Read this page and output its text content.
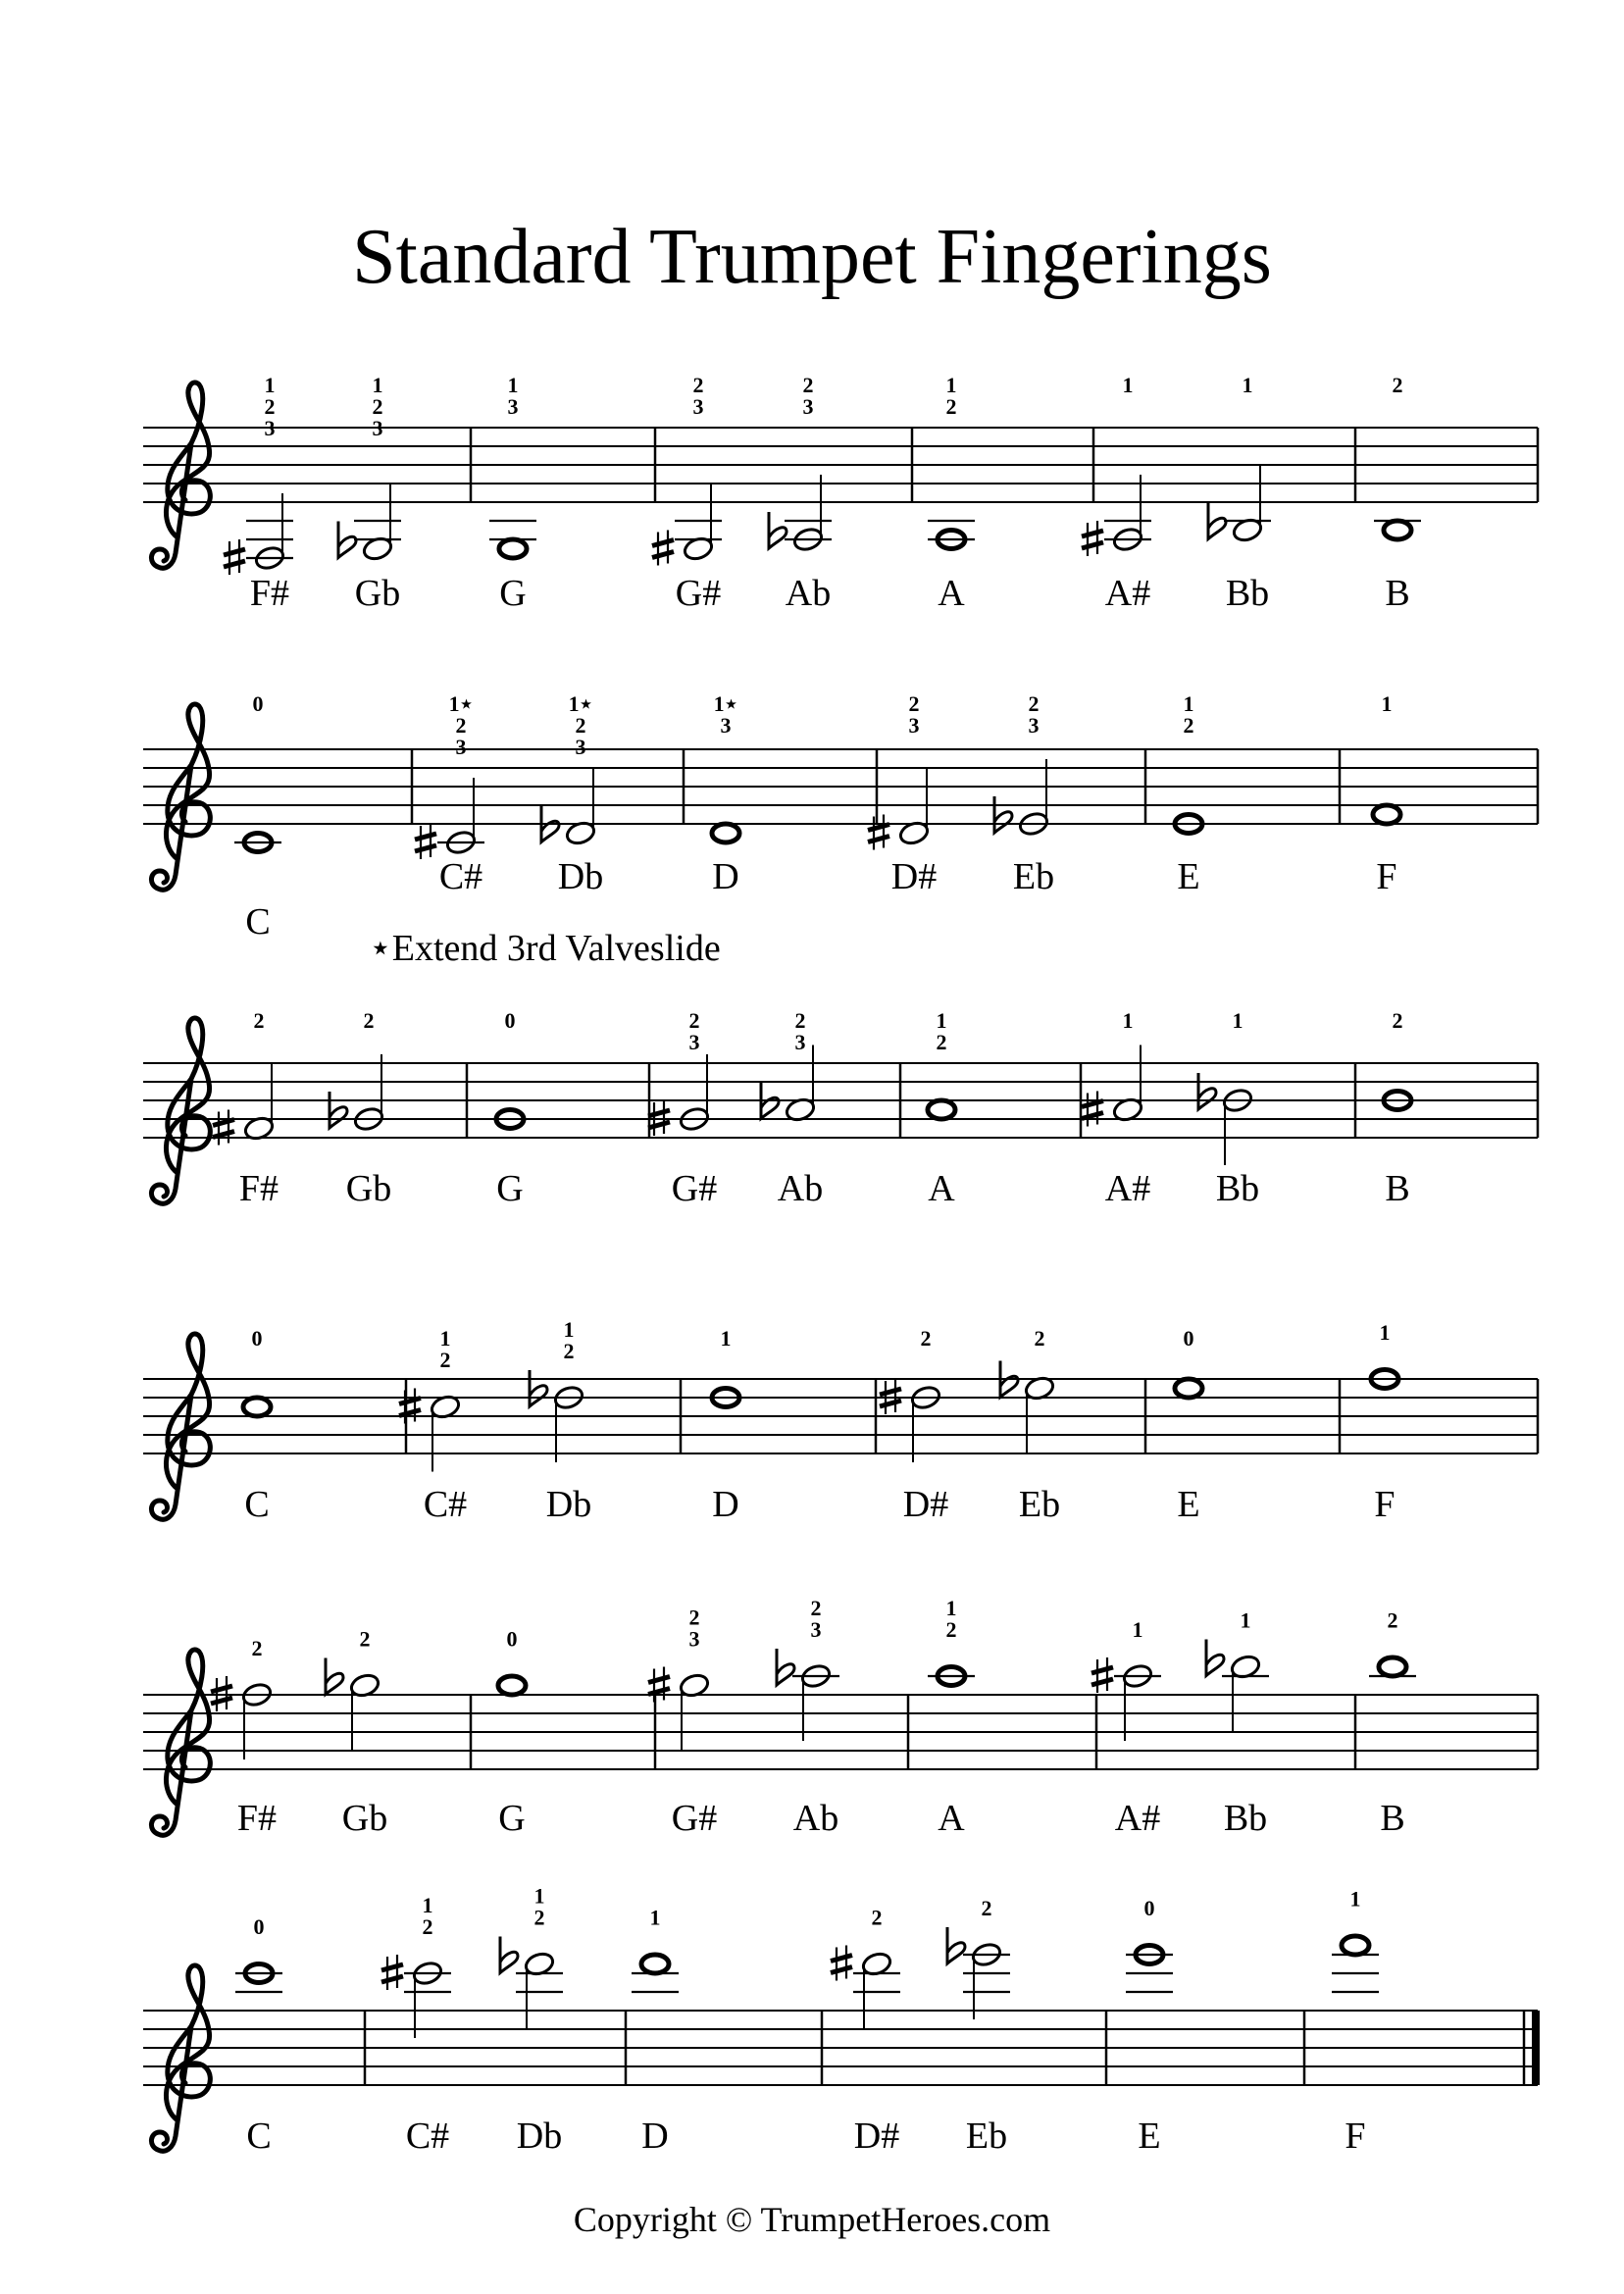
Standard Trumpet Fingerings
1
2
3
F#
1
2
3
Gb
1
3
G
2
3
G#
2
3
Ab
1
2
A
1
A#
1
Bb
2
B
0
C
1⋆
2
3
C#
1⋆
2
3
Db
1⋆
3
D
2
3
D#
2
3
Eb
1
2
E
1
F
2
F#
2
Gb
0
G
2
3
G#
2
3
Ab
1
2
A
1
A#
1
Bb
2
B
0
C
1
2
C#
1
2
Db
1
D
2
D#
2
Eb
0
E
1
F
2
F#
2
Gb
0
G
2
3
G#
2
3
Ab
1
2
A
1
A#
1
Bb
2
B
0
C
1
2
C#
1
2
Db
1
D
2
D#
2
Eb
0
E
1
F
⋆Extend 3rd Valveslide
Copyright © TrumpetHeroes.com
